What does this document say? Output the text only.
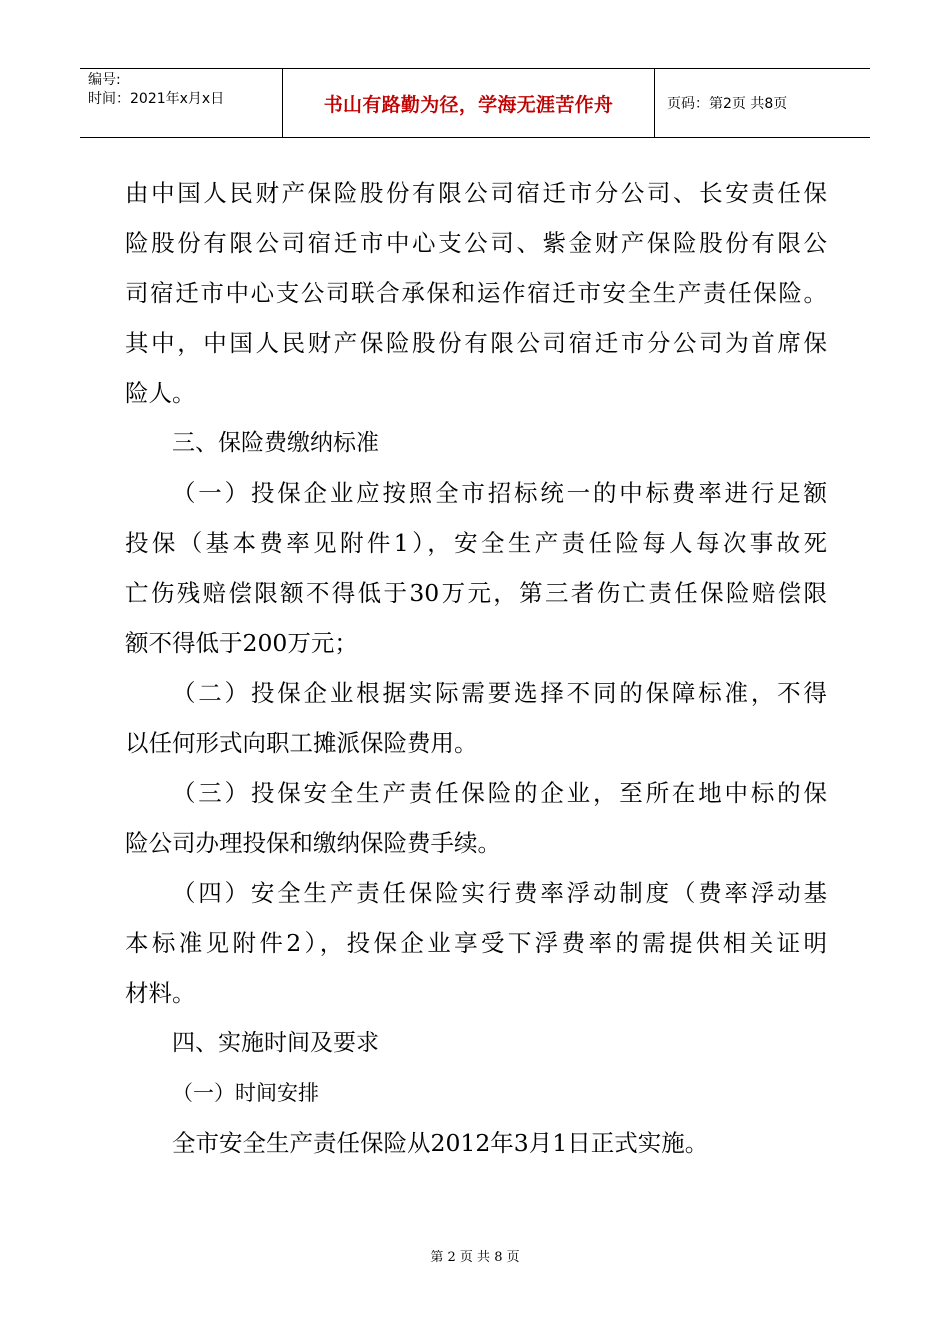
编号:
时间：2021年x月x日	书山有路勤为径，学海无涯苦作舟	页码：第2页 共8页
由中国人民财产保险股份有限公司宿迁市分公司、长安责任保
险股份有限公司宿迁市中心支公司、紫金财产保险股份有限公
司宿迁市中心支公司联合承保和运作宿迁市安全生产责任保险。
其中，中国人民财产保险股份有限公司宿迁市分公司为首席保
险人。
三、保险费缴纳标准
（一）投保企业应按照全市招标统一的中标费率进行足额
投保（基本费率见附件1），安全生产责任险每人每次事故死
亡伤残赔偿限额不得低于30万元，第三者伤亡责任保险赔偿限
额不得低于200万元；
（二）投保企业根据实际需要选择不同的保障标准，不得
以任何形式向职工摊派保险费用。
（三）投保安全生产责任保险的企业，至所在地中标的保
险公司办理投保和缴纳保险费手续。
（四）安全生产责任保险实行费率浮动制度（费率浮动基
本标准见附件2），投保企业享受下浮费率的需提供相关证明
材料。
四、实施时间及要求
（一）时间安排
全市安全生产责任保险从2012年3月1日正式实施。
第 2 页 共 8 页
